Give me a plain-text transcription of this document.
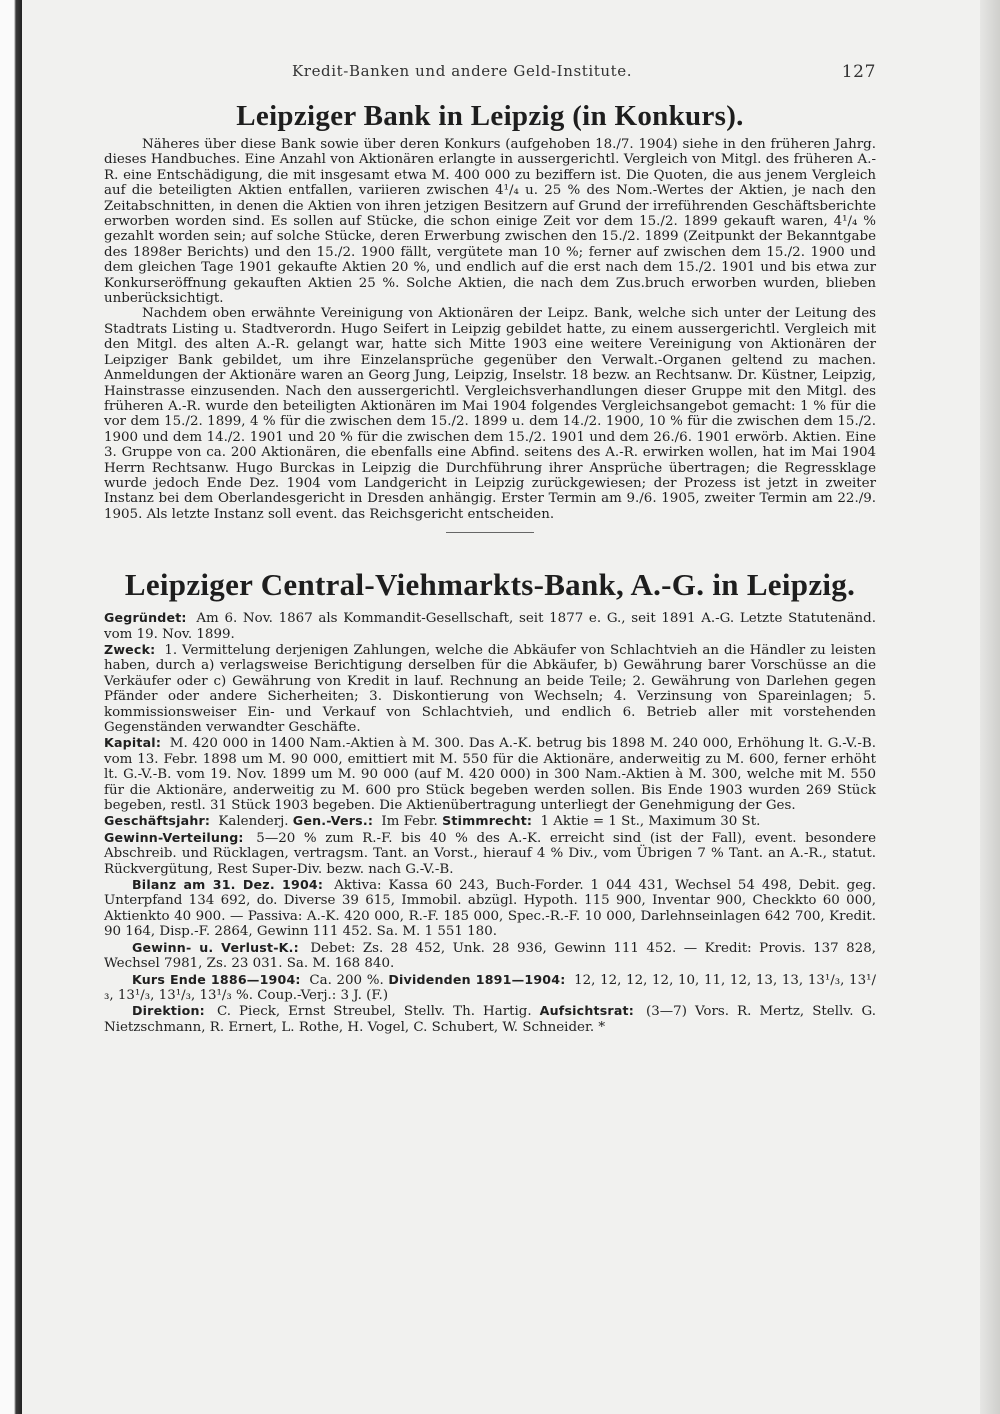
Kredit-Banken und andere Geld-Institute.	127
Leipziger Bank in Leipzig (in Konkurs).

Näheres über diese Bank sowie über deren Konkurs (aufgehoben 18./7. 1904) siehe in den früheren Jahrg. dieses Handbuches. Eine Anzahl von Aktionären erlangte in aussergerichtl. Vergleich von Mitgl. des früheren A.-R. eine Entschädigung, die mit insgesamt etwa M. 400 000 zu beziffern ist. Die Quoten, die aus jenem Vergleich auf die beteiligten Aktien entfallen, variieren zwischen 4¹/₄ u. 25 % des Nom.-Wertes der Aktien, je nach den Zeitabschnitten, in denen die Aktien von ihren jetzigen Besitzern auf Grund der irreführenden Geschäftsberichte erworben worden sind. Es sollen auf Stücke, die schon einige Zeit vor dem 15./2. 1899 gekauft waren, 4¹/₄ % gezahlt worden sein; auf solche Stücke, deren Erwerbung zwischen den 15./2. 1899 (Zeitpunkt der Bekanntgabe des 1898er Berichts) und den 15./2. 1900 fällt, vergütete man 10 %; ferner auf zwischen dem 15./2. 1900 und dem gleichen Tage 1901 gekaufte Aktien 20 %, und endlich auf die erst nach dem 15./2. 1901 und bis etwa zur Konkurseröffnung gekauften Aktien 25 %. Solche Aktien, die nach dem Zus.bruch erworben wurden, blieben unberücksichtigt.

Nachdem oben erwähnte Vereinigung von Aktionären der Leipz. Bank, welche sich unter der Leitung des Stadtrats Listing u. Stadtverordn. Hugo Seifert in Leipzig gebildet hatte, zu einem aussergerichtl. Vergleich mit den Mitgl. des alten A.-R. gelangt war, hatte sich Mitte 1903 eine weitere Vereinigung von Aktionären der Leipziger Bank gebildet, um ihre Einzelansprüche gegenüber den Verwalt.-Organen geltend zu machen. Anmeldungen der Aktionäre waren an Georg Jung, Leipzig, Inselstr. 18 bezw. an Rechtsanw. Dr. Küstner, Leipzig, Hainstrasse einzusenden. Nach den aussergerichtl. Vergleichsverhandlungen dieser Gruppe mit den Mitgl. des früheren A.-R. wurde den beteiligten Aktionären im Mai 1904 folgendes Vergleichsangebot gemacht: 1 % für die vor dem 15./2. 1899, 4 % für die zwischen dem 15./2. 1899 u. dem 14./2. 1900, 10 % für die zwischen dem 15./2. 1900 und dem 14./2. 1901 und 20 % für die zwischen dem 15./2. 1901 und dem 26./6. 1901 erwörb. Aktien. Eine 3. Gruppe von ca. 200 Aktionären, die ebenfalls eine Abfind. seitens des A.-R. erwirken wollen, hat im Mai 1904 Herrn Rechtsanw. Hugo Burckas in Leipzig die Durchführung ihrer Ansprüche übertragen; die Regressklage wurde jedoch Ende Dez. 1904 vom Landgericht in Leipzig zurückgewiesen; der Prozess ist jetzt in zweiter Instanz bei dem Oberlandesgericht in Dresden anhängig. Erster Termin am 9./6. 1905, zweiter Termin am 22./9. 1905. Als letzte Instanz soll event. das Reichsgericht entscheiden.

Leipziger Central-Viehmarkts-Bank, A.-G. in Leipzig.

Gegründet: Am 6. Nov. 1867 als Kommandit-Gesellschaft, seit 1877 e. G., seit 1891 A.-G. Letzte Statutenänd. vom 19. Nov. 1899.

Zweck: 1. Vermittelung derjenigen Zahlungen, welche die Abkäufer von Schlachtvieh an die Händler zu leisten haben, durch a) verlagsweise Berichtigung derselben für die Abkäufer, b) Gewährung barer Vorschüsse an die Verkäufer oder c) Gewährung von Kredit in lauf. Rechnung an beide Teile; 2. Gewährung von Darlehen gegen Pfänder oder andere Sicherheiten; 3. Diskontierung von Wechseln; 4. Verzinsung von Spareinlagen; 5. kommissionsweiser Ein- und Verkauf von Schlachtvieh, und endlich 6. Betrieb aller mit vorstehenden Gegenständen verwandter Geschäfte.

Kapital: M. 420 000 in 1400 Nam.-Aktien à M. 300. Das A.-K. betrug bis 1898 M. 240 000, Erhöhung lt. G.-V.-B. vom 13. Febr. 1898 um M. 90 000, emittiert mit M. 550 für die Aktionäre, anderweitig zu M. 600, ferner erhöht lt. G.-V.-B. vom 19. Nov. 1899 um M. 90 000 (auf M. 420 000) in 300 Nam.-Aktien à M. 300, welche mit M. 550 für die Aktionäre, anderweitig zu M. 600 pro Stück begeben werden sollen. Bis Ende 1903 wurden 269 Stück begeben, restl. 31 Stück 1903 begeben. Die Aktienübertragung unterliegt der Genehmigung der Ges.

Geschäftsjahr: Kalenderj. Gen.-Vers.: Im Febr. Stimmrecht: 1 Aktie = 1 St., Maximum 30 St.

Gewinn-Verteilung: 5—20 % zum R.-F. bis 40 % des A.-K. erreicht sind (ist der Fall), event. besondere Abschreib. und Rücklagen, vertragsm. Tant. an Vorst., hierauf 4 % Div., vom Übrigen 7 % Tant. an A.-R., statut. Rückvergütung, Rest Super-Div. bezw. nach G.-V.-B.

Bilanz am 31. Dez. 1904: Aktiva: Kassa 60 243, Buch-Forder. 1 044 431, Wechsel 54 498, Debit. geg. Unterpfand 134 692, do. Diverse 39 615, Immobil. abzügl. Hypoth. 115 900, Inventar 900, Checkkto 60 000, Aktienkto 40 900. — Passiva: A.-K. 420 000, R.-F. 185 000, Spec.-R.-F. 10 000, Darlehnseinlagen 642 700, Kredit. 90 164, Disp.-F. 2864, Gewinn 111 452. Sa. M. 1 551 180.

Gewinn- u. Verlust-K.: Debet: Zs. 28 452, Unk. 28 936, Gewinn 111 452. — Kredit: Provis. 137 828, Wechsel 7981, Zs. 23 031. Sa. M. 168 840.

Kurs Ende 1886—1904: Ca. 200 %. Dividenden 1891—1904: 12, 12, 12, 12, 10, 11, 12, 13, 13, 13¹/₃, 13¹/₃, 13¹/₃, 13¹/₃, 13¹/₃ %. Coup.-Verj.: 3 J. (F.)

Direktion: C. Pieck, Ernst Streubel, Stellv. Th. Hartig. Aufsichtsrat: (3—7) Vors. R. Mertz, Stellv. G. Nietzschmann, R. Ernert, L. Rothe, H. Vogel, C. Schubert, W. Schneider. *
